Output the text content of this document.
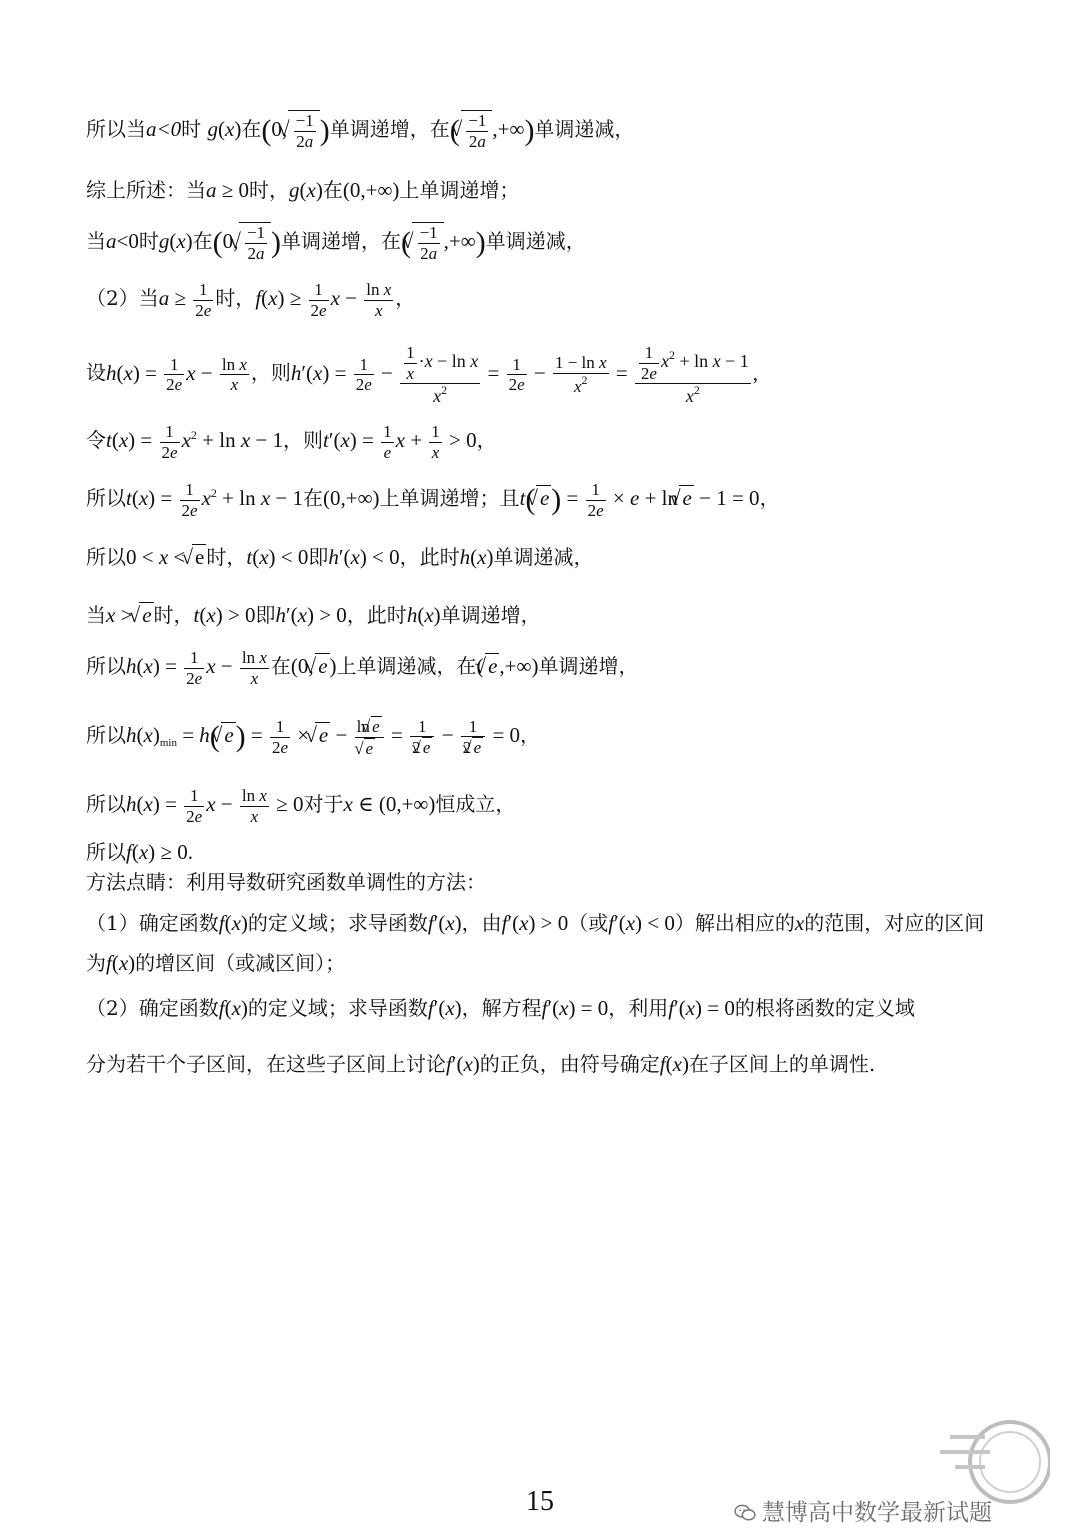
所以当a<0时 g(x)在(0,
√ $\frac{-1}{2a}$ )单调递增，在(
√ $\frac{-1}{2a}$ ,+∞)单调递减，
综上所述：当a ≥ 0时，g(x)在(0,+∞)上单调递增；
当a<0时g(x)在(0,
√ $\frac{-1}{2a}$ )单调递增，在(
√ $\frac{-1}{2a}$ ,+∞)单调递减，
（2）当$a \ge \frac{1}{2e}$ 时，$f(x) \ge \frac{1}{2e}$ $x - \frac{\text{ln x}}{x}$ ，
设$h(x) = \frac{1}{2e}$ $x - \frac{\text{ln x}}{x}$ ，则$h'(x) = \frac{1}{2e} - \frac{\frac{1}{x} \cdot x - \ln x}{x^2} = \frac{1}{2e} - \frac{\text{1 − ln x}}{x^2} = \frac{\frac{1}{2e} x^2 + \ln x - 1}{x^2}$ ,
令$t(x) = \frac{1}{2e} x^2 + \ln x - 1$，则$t'(x) = \frac{1}{e}$ $x + \frac{1}{x} > 0$，
所以$t(x) = \frac{1}{2e} x^2 + \ln x - 1$在(0,+∞)上单调递增；且t(√ $e) = \frac{1}{2e} \times e + \ln√$ e − 1 = 0，
所以0 < x < √ e 时，t(x) < 0即h′(x) < 0，此时h(x)单调递减，
当x > √ e 时，t(x) > 0即h′(x) > 0，此时h(x)单调递增，
所以$h(x) = \frac{1}{2e}$ $x - \frac{\text{ln x}}{x}$ 在(0,√ e)上单调递减，在(√ e,+∞)单调递增，
所以$h(x)_{min} = h(√$ $e) = \frac{1}{2e}$ × √ e − ln√ e
√ $e = \frac{1}{2√ e} - \frac{1}{2√ e} = 0$，
所以$h(x) = \frac{1}{2e}$ $x - \frac{\text{ln x}}{x} \ge 0$对于x ∈ (0,+∞)恒成立，
所以f(x) ≥ 0.
方法点睛：利用导数研究函数单调性的方法：
（1）确定函数f(x)的定义域；求导函数f′(x)，由f′(x) > 0（或f′(x) < 0）解出相应的x的范围，对应的区间为f(x)的增区间（或减区间）；
（2）确定函数f(x)的定义域；求导函数f′(x)，解方程f′(x) = 0，利用f′(x) = 0的根将函数的定义域
分为若干个子区间，在这些子区间上讨论f′(x)的正负，由符号确定f(x)在子区间上的单调性.
慧博高中数学最新试题
15
